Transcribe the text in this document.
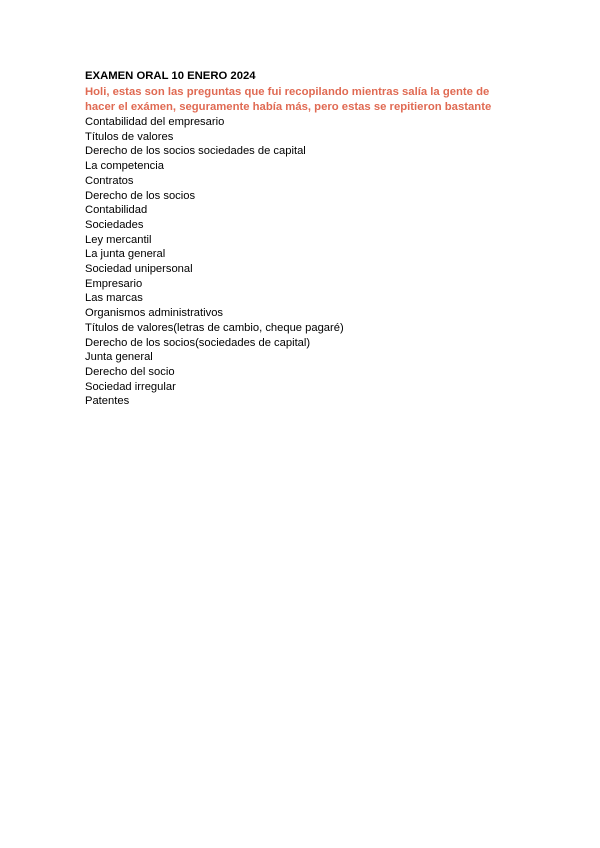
EXAMEN ORAL 10 ENERO 2024
Holi, estas son las preguntas que fui recopilando mientras salía la gente de
hacer el exámen, seguramente había más, pero estas se repitieron bastante
Contabilidad del empresario
Títulos de valores
Derecho de los socios sociedades de capital
La competencia
Contratos
Derecho de los socios
Contabilidad
Sociedades
Ley mercantil
La junta general
Sociedad unipersonal
Empresario
Las marcas
Organismos administrativos
Títulos de valores(letras de cambio, cheque pagaré)
Derecho de los socios(sociedades de capital)
Junta general
Derecho del socio
Sociedad irregular
Patentes
